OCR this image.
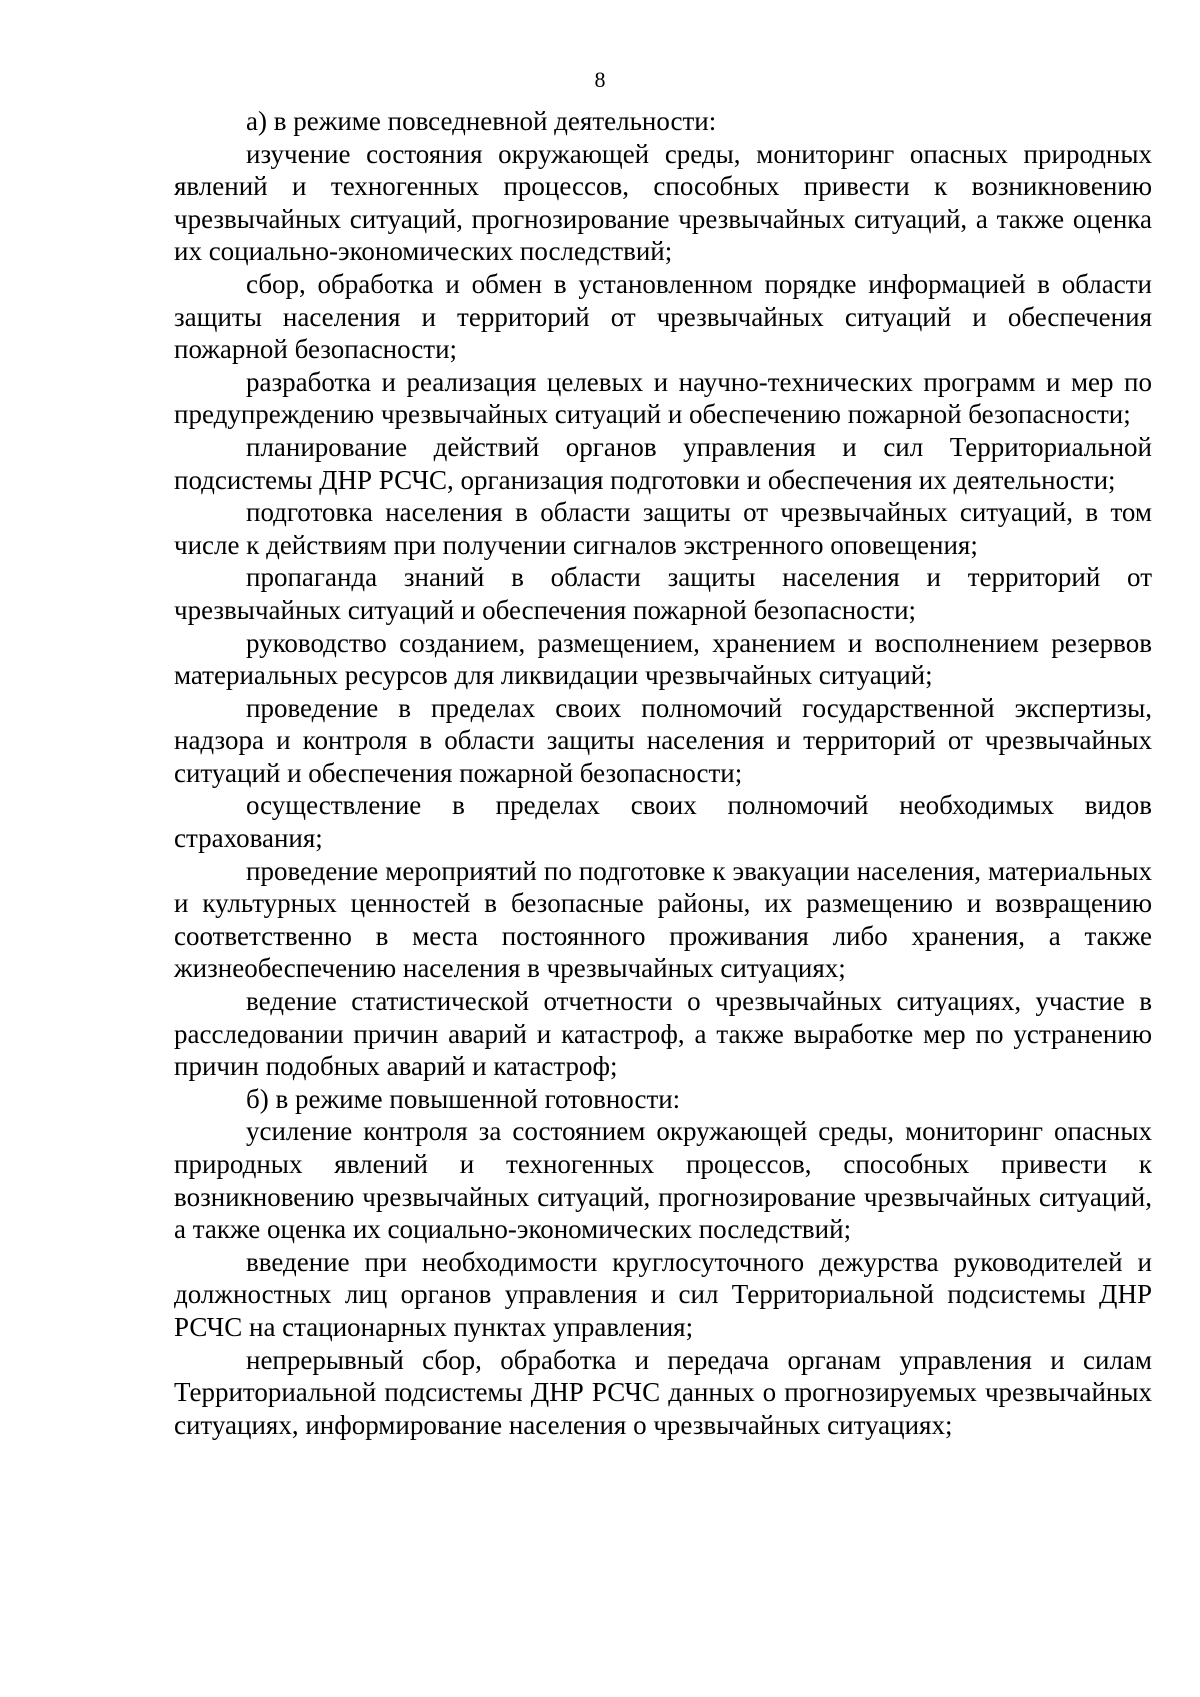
8

а) в режиме повседневной деятельности:

изучение состояния окружающей среды, мониторинг опасных природных явлений и техногенных процессов, способных привести к возникновению чрезвычайных ситуаций, прогнозирование чрезвычайных ситуаций, а также оценка их социально-экономических последствий;

сбор, обработка и обмен в установленном порядке информацией в области защиты населения и территорий от чрезвычайных ситуаций и обеспечения пожарной безопасности;

разработка и реализация целевых и научно-технических программ и мер по предупреждению чрезвычайных ситуаций и обеспечению пожарной безопасности;

планирование действий органов управления и сил Территориальной подсистемы ДНР РСЧС, организация подготовки и обеспечения их деятельности;

подготовка населения в области защиты от чрезвычайных ситуаций, в том числе к действиям при получении сигналов экстренного оповещения;

пропаганда знаний в области защиты населения и территорий от чрезвычайных ситуаций и обеспечения пожарной безопасности;

руководство созданием, размещением, хранением и восполнением резервов материальных ресурсов для ликвидации чрезвычайных ситуаций;

проведение в пределах своих полномочий государственной экспертизы, надзора и контроля в области защиты населения и территорий от чрезвычайных ситуаций и обеспечения пожарной безопасности;

осуществление в пределах своих полномочий необходимых видов страхования;

проведение мероприятий по подготовке к эвакуации населения, материальных и культурных ценностей в безопасные районы, их размещению и возвращению соответственно в места постоянного проживания либо хранения, а также жизнеобеспечению населения в чрезвычайных ситуациях;

ведение статистической отчетности о чрезвычайных ситуациях, участие в расследовании причин аварий и катастроф, а также выработке мер по устранению причин подобных аварий и катастроф;

б) в режиме повышенной готовности:

усиление контроля за состоянием окружающей среды, мониторинг опасных природных явлений и техногенных процессов, способных привести к возникновению чрезвычайных ситуаций, прогнозирование чрезвычайных ситуаций, а также оценка их социально-экономических последствий;

введение при необходимости круглосуточного дежурства руководителей и должностных лиц органов управления и сил Территориальной подсистемы ДНР РСЧС на стационарных пунктах управления;

непрерывный сбор, обработка и передача органам управления и силам Территориальной подсистемы ДНР РСЧС данных о прогнозируемых чрезвычайных ситуациях, информирование населения о чрезвычайных ситуациях;
